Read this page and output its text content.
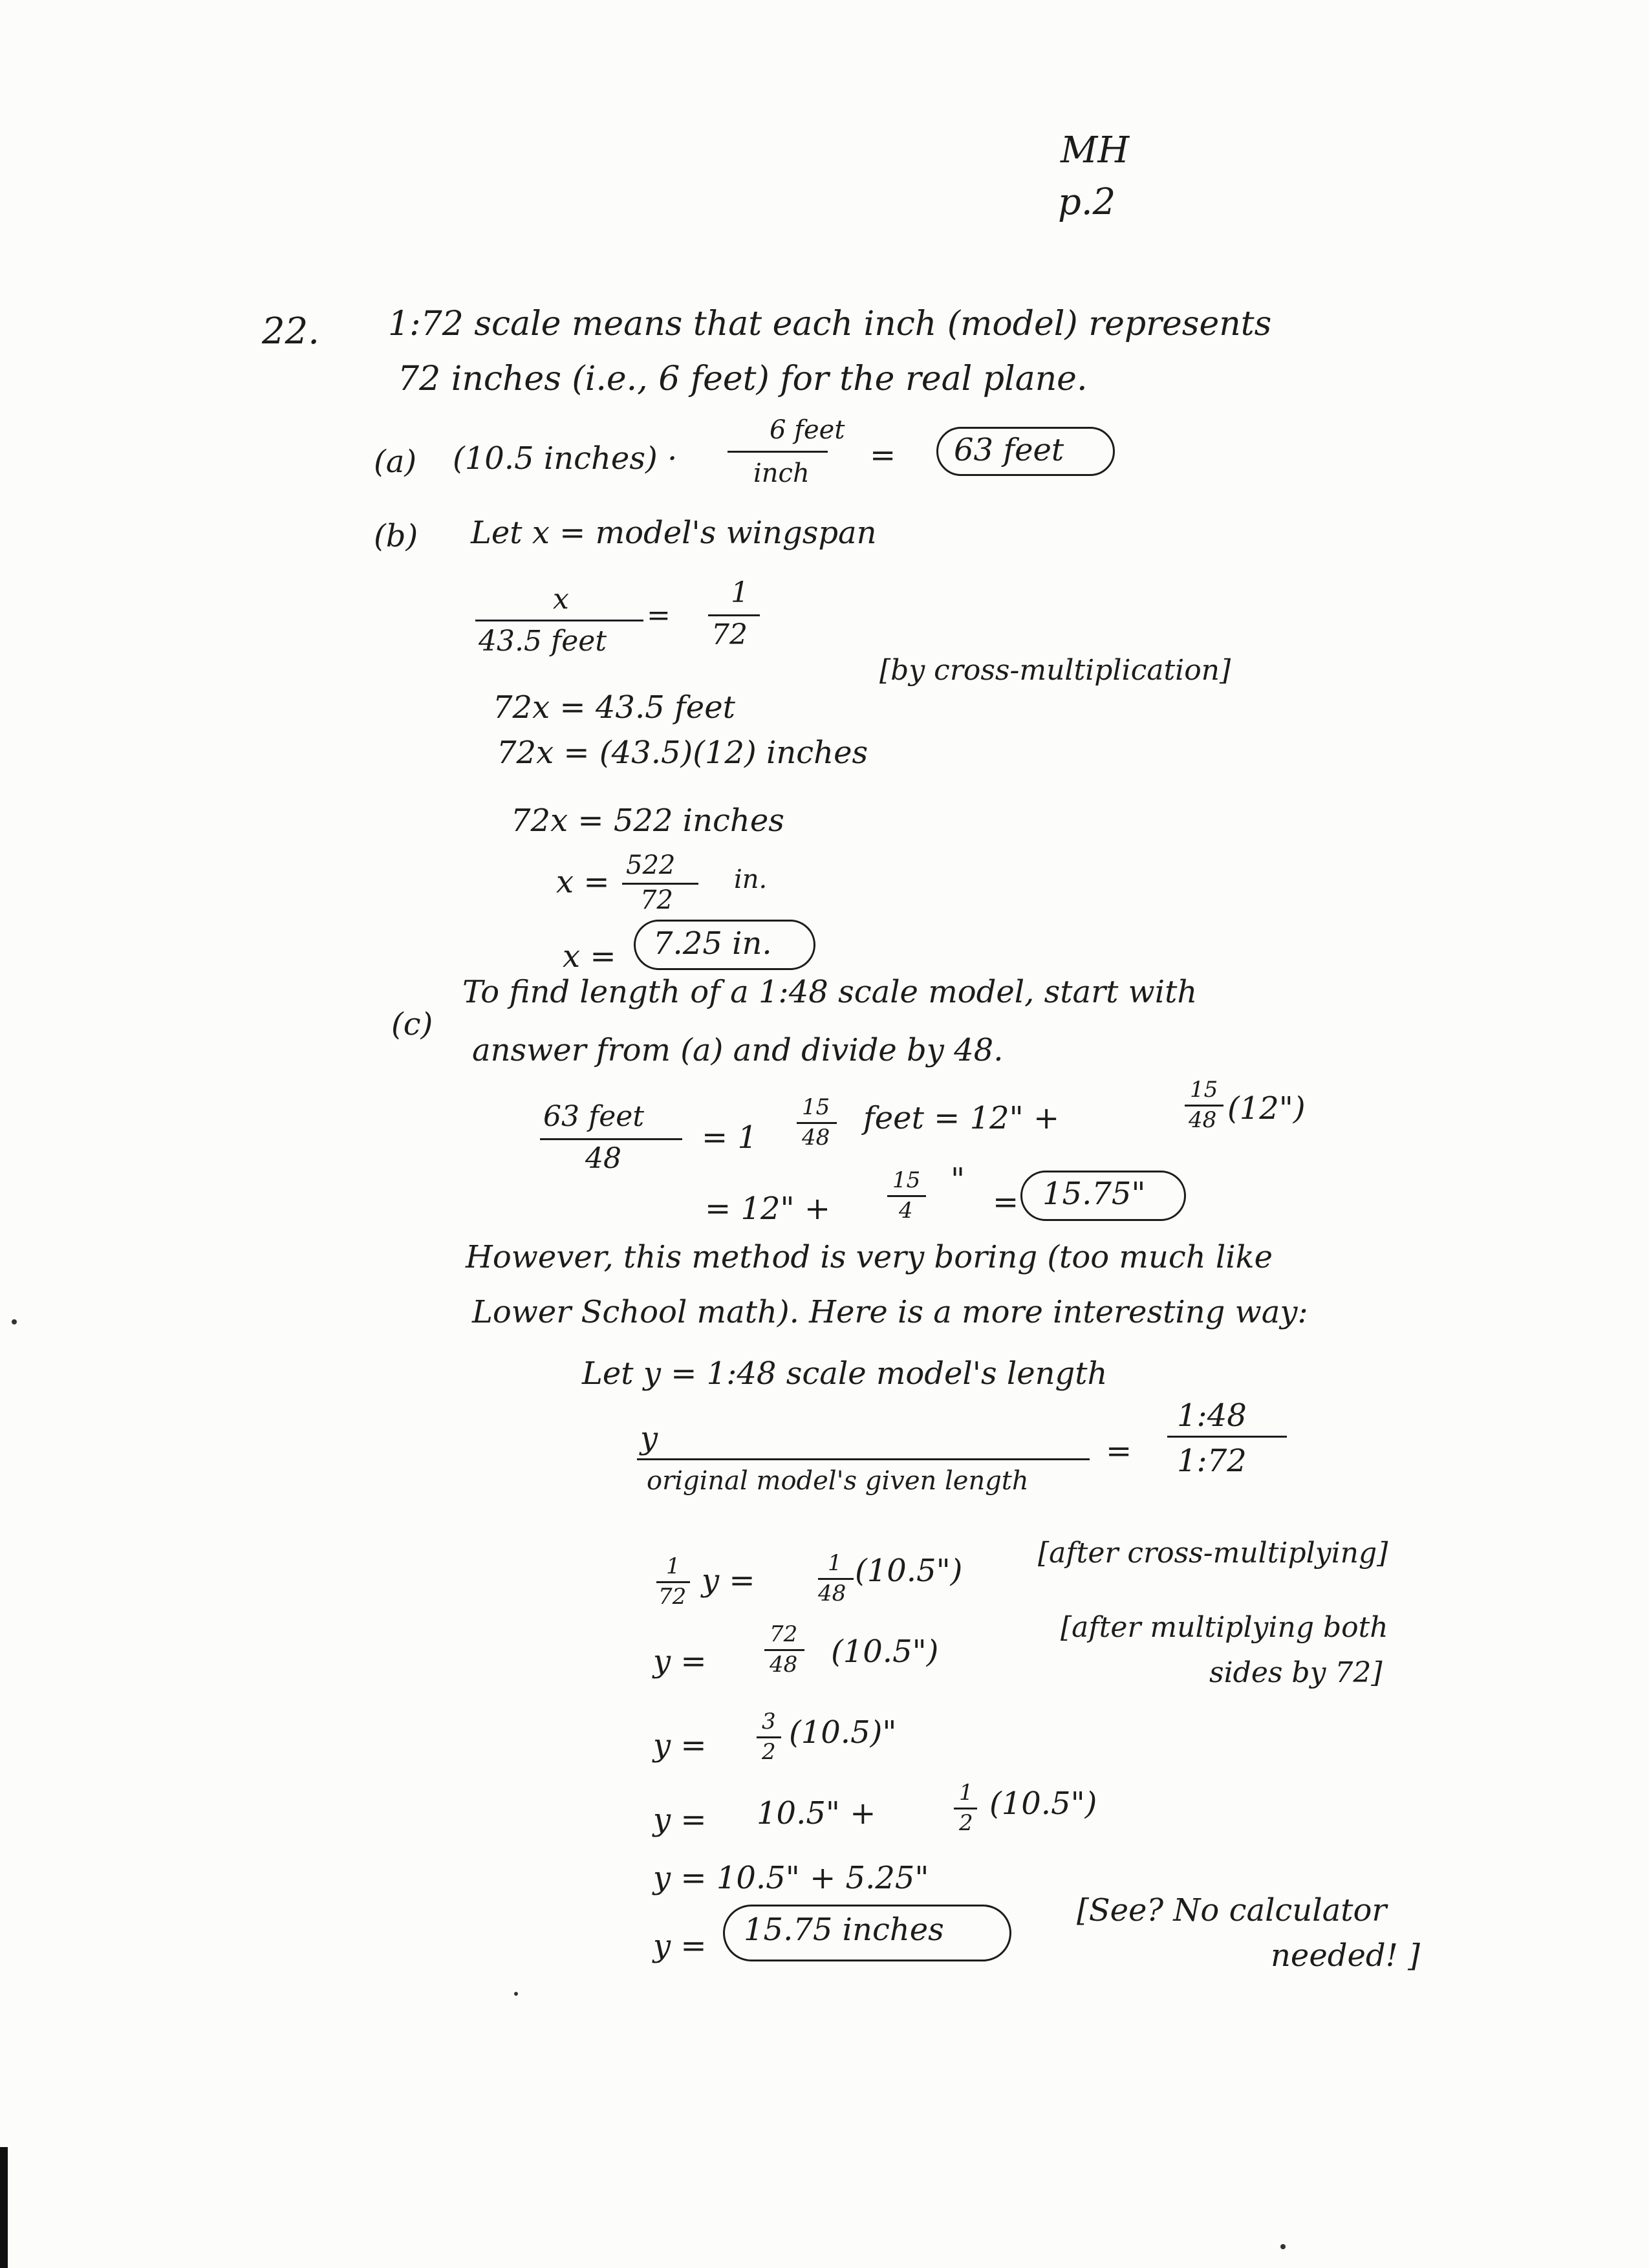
MH
p.2
22. 1:72 scale means that each inch (model) represents
72 inches (i.e., 6 feet) for the real plane.
(a) (10.5 inches) ·
6 feet
inch = 63 feet
(b) Let x = model's wingspan
x
43.5 feet
=
1
72
72x = 43.5 feet
[by cross-multiplication]
72x = (43.5)(12) inches
72x = 522 inches
x = 522
72
in.
x = 7.25 in.
(c)
To find length of a 1:48 scale model, start with
answer from (a) and divide by 48.
63 feet
48
= 1
15
48
feet = 12" +
15
48 (12")
= 12" +
15
4
"
= 15.75"
However, this method is very boring (too much like
Lower School math). Here is a more interesting way:
Let y = 1:48 scale model's length
y
original model's given length
=
1:48
1:72
1
72 y =	1
48
(10.5")	[after cross-multiplying]
y =
72
48 (10.5")
[after multiplying both
sides by 72]
y =
3
2
(10.5)"
y = 10.5" +
1
2
(10.5")
y = 10.5" + 5.25"
y = 15.75 inches
[See? No calculator
needed! ]
